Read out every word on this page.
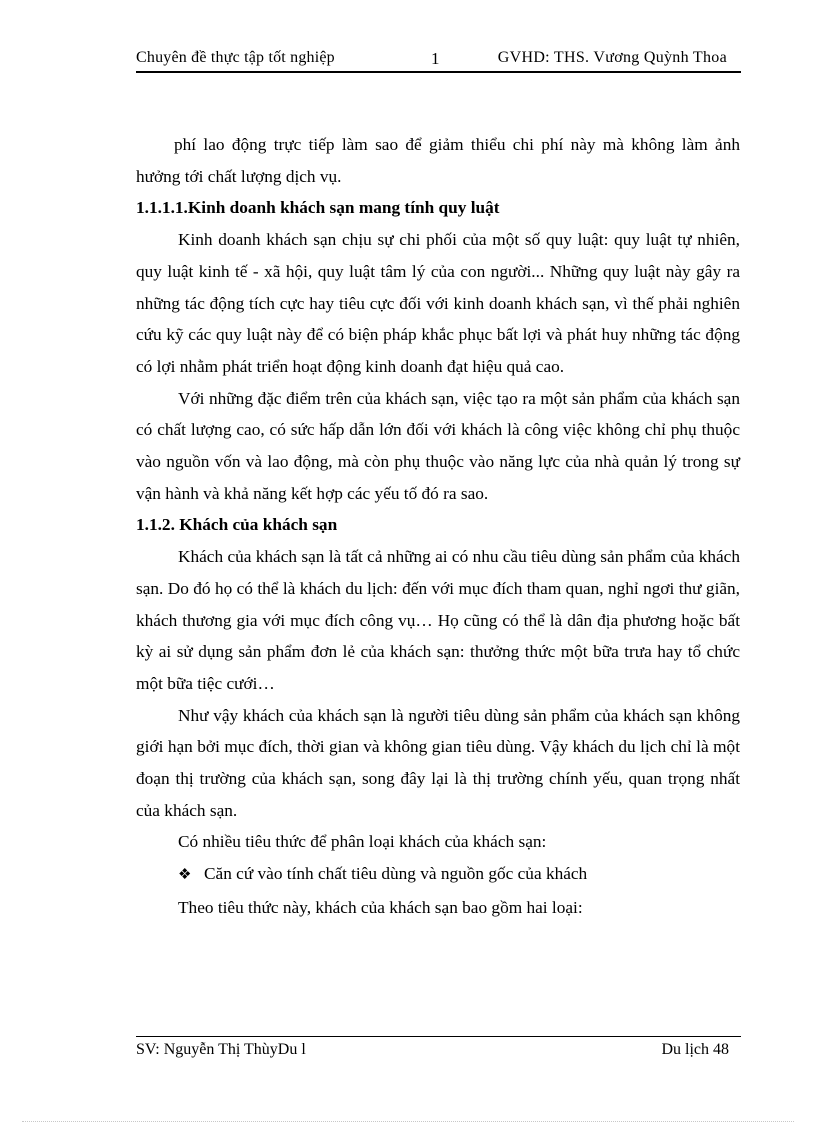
Chuyên đề thực tập tốt nghiệp	1	GVHD: THS. Vương Quỳnh Thoa

phí lao động trực tiếp làm sao để giảm thiểu chi phí này mà không làm ảnh hưởng tới chất lượng dịch vụ.

1.1.1.1.Kinh doanh khách sạn mang tính quy luật

Kinh doanh khách sạn chịu sự chi phối của một số quy luật: quy luật tự nhiên, quy luật kinh tế - xã hội, quy luật tâm lý của con người... Những quy luật này gây ra những tác động tích cực hay tiêu cực đối với kinh doanh khách sạn, vì thế phải nghiên cứu kỹ các quy luật này để có biện pháp khắc phục bất lợi và phát huy những tác động có lợi nhằm phát triển hoạt động kinh doanh đạt hiệu quả cao.

Với những đặc điểm trên của khách sạn, việc tạo ra một sản phẩm của khách sạn có chất lượng cao, có sức hấp dẫn lớn đối với khách là công việc không chỉ phụ thuộc vào nguồn vốn và lao động, mà còn phụ thuộc vào năng lực của nhà quản lý trong sự vận hành và khả năng kết hợp các yếu tố đó ra sao.

1.1.2. Khách của khách sạn

Khách của khách sạn là tất cả những ai có nhu cầu tiêu dùng sản phẩm của khách sạn. Do đó họ có thể là khách du lịch: đến với mục đích tham quan, nghỉ ngơi thư giãn, khách thương gia với mục đích công vụ… Họ cũng có thể là dân địa phương hoặc bất kỳ ai sử dụng sản phẩm đơn lẻ của khách sạn: thưởng thức một bữa trưa hay tổ chức một bữa tiệc cưới…

Như vậy khách của khách sạn là người tiêu dùng sản phẩm của khách sạn không giới hạn bởi mục đích, thời gian và không gian tiêu dùng. Vậy khách du lịch chỉ là một đoạn thị trường của khách sạn, song đây lại là thị trường chính yếu, quan trọng nhất của khách sạn.

Có nhiều tiêu thức để phân loại khách của khách sạn:

❖ Căn cứ vào tính chất tiêu dùng và nguồn gốc của khách

Theo tiêu thức này, khách của khách sạn bao gồm hai loại:

SV: Nguyễn Thị ThùyDu l	Du lịch 48
